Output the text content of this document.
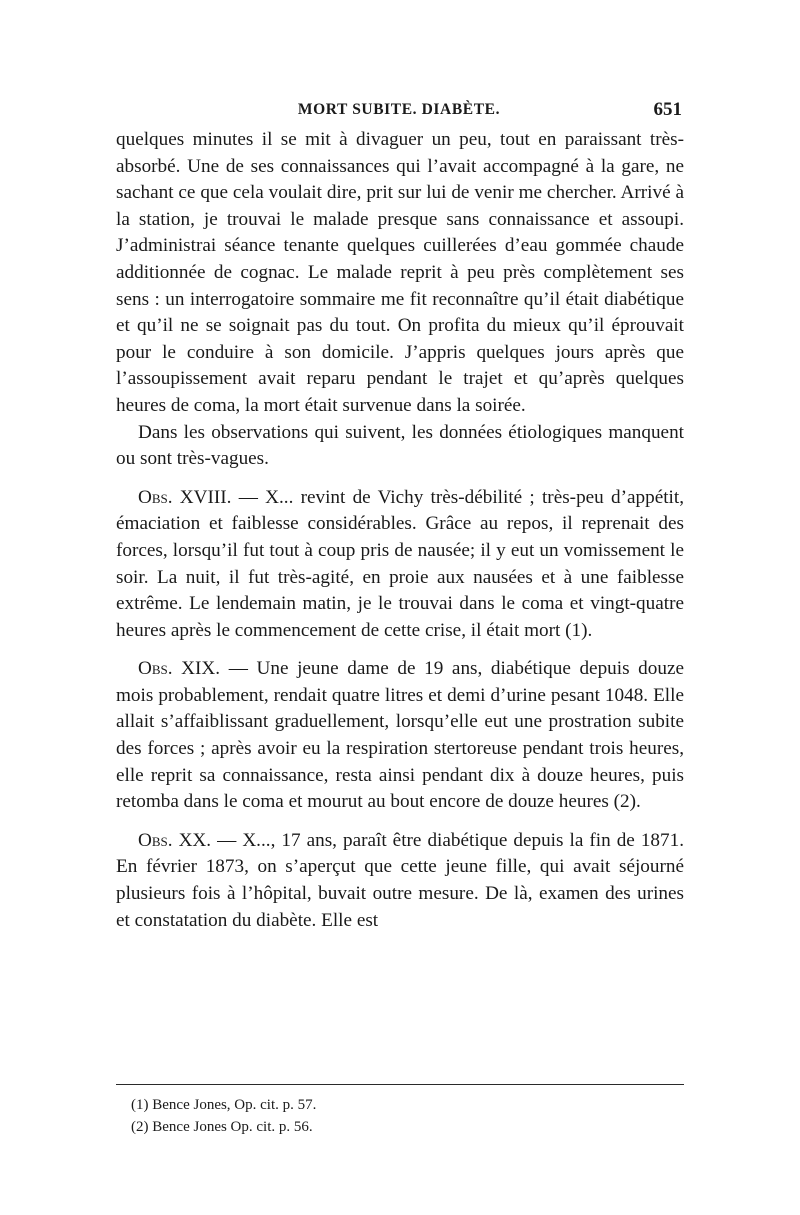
MORT SUBITE. DIABÈTE.	651

quelques minutes il se mit à divaguer un peu, tout en paraissant très-absorbé. Une de ses connaissances qui l’avait accompagné à la gare, ne sachant ce que cela voulait dire, prit sur lui de venir me chercher. Arrivé à la station, je trouvai le malade presque sans connaissance et assoupi. J’administrai séance tenante quelques cuillerées d’eau gommée chaude additionnée de cognac. Le malade reprit à peu près complètement ses sens : un interrogatoire sommaire me fit reconnaître qu’il était diabétique et qu’il ne se soignait pas du tout. On profita du mieux qu’il éprouvait pour le conduire à son domicile. J’appris quelques jours après que l’assoupissement avait reparu pendant le trajet et qu’après quelques heures de coma, la mort était survenue dans la soirée.

Dans les observations qui suivent, les données étiologiques manquent ou sont très-vagues.

Obs. XVIII. — X... revint de Vichy très-débilité ; très-peu d’appétit, émaciation et faiblesse considérables. Grâce au repos, il reprenait des forces, lorsqu’il fut tout à coup pris de nausée; il y eut un vomissement le soir. La nuit, il fut très-agité, en proie aux nausées et à une faiblesse extrême. Le lendemain matin, je le trouvai dans le coma et vingt-quatre heures après le commencement de cette crise, il était mort (1).

Obs. XIX. — Une jeune dame de 19 ans, diabétique depuis douze mois probablement, rendait quatre litres et demi d’urine pesant 1048. Elle allait s’affaiblissant graduellement, lorsqu’elle eut une prostration subite des forces ; après avoir eu la respiration stertoreuse pendant trois heures, elle reprit sa connaissance, resta ainsi pendant dix à douze heures, puis retomba dans le coma et mourut au bout encore de douze heures (2).

Obs. XX. — X..., 17 ans, paraît être diabétique depuis la fin de 1871. En février 1873, on s’aperçut que cette jeune fille, qui avait séjourné plusieurs fois à l’hôpital, buvait outre mesure. De là, examen des urines et constatation du diabète. Elle est

(1) Bence Jones, Op. cit. p. 57.

(2) Bence Jones Op. cit. p. 56.
